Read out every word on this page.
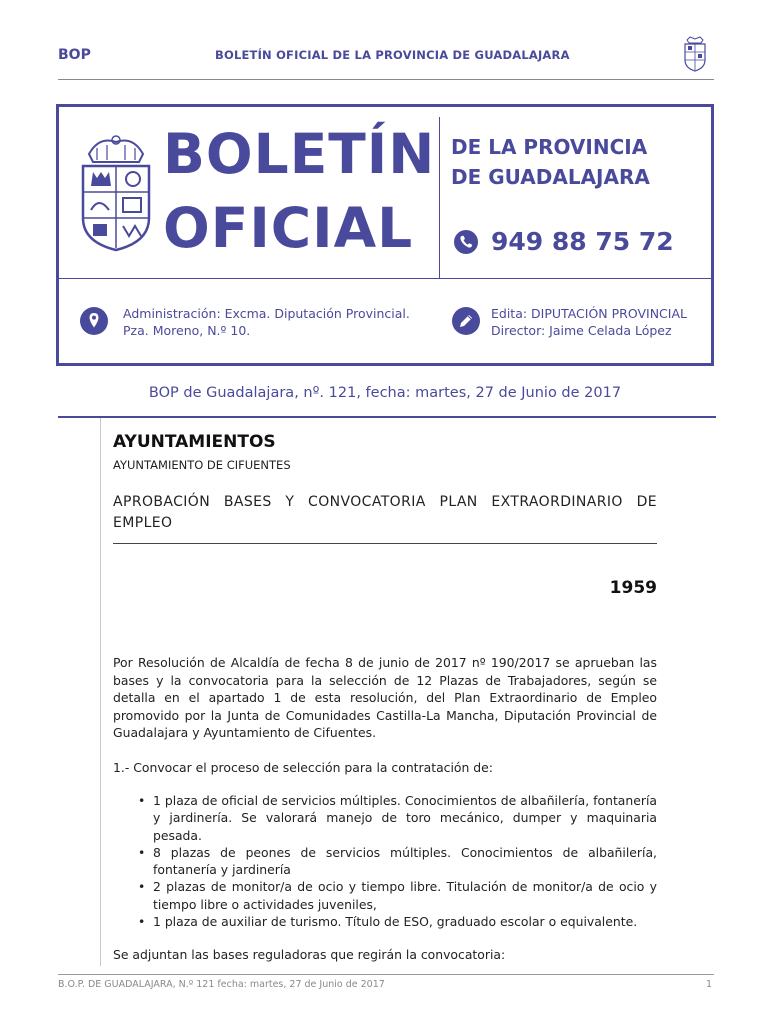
BOP	BOLETÍN OFICIAL DE LA PROVINCIA DE GUADALAJARA
BOLETÍN
OFICIAL
DE LA PROVINCIA
DE GUADALAJARA
949 88 75 72
Administración: Excma. Diputación Provincial.
Pza. Moreno, N.º 10.
Edita: DIPUTACIÓN PROVINCIAL
Director: Jaime Celada López
BOP de Guadalajara, nº. 121, fecha: martes, 27 de Junio de 2017
AYUNTAMIENTOS
AYUNTAMIENTO DE CIFUENTES
APROBACIÓN BASES Y CONVOCATORIA PLAN EXTRAORDINARIO DE EMPLEO
1959

Por Resolución de Alcaldía de fecha 8 de junio de 2017 nº 190/2017 se aprueban las bases y la convocatoria para la selección de 12 Plazas de Trabajadores, según se detalla en el apartado 1 de esta resolución, del Plan Extraordinario de Empleo promovido por la Junta de Comunidades Castilla-La Mancha, Diputación Provincial de Guadalajara y Ayuntamiento de Cifuentes.

1.- Convocar el proceso de selección para la contratación de:

• 1 plaza de oficial de servicios múltiples. Conocimientos de albañilería, fontanería y jardinería. Se valorará manejo de toro mecánico, dumper y maquinaria pesada.
• 8 plazas de peones de servicios múltiples. Conocimientos de albañilería, fontanería y jardinería
• 2 plazas de monitor/a de ocio y tiempo libre. Titulación de monitor/a de ocio y tiempo libre o actividades juveniles,
• 1 plaza de auxiliar de turismo. Título de ESO, graduado escolar o equivalente.

Se adjuntan las bases reguladoras que regirán la convocatoria:

B.O.P. DE GUADALAJARA, N.º 121 fecha: martes, 27 de Junio de 2017	1
